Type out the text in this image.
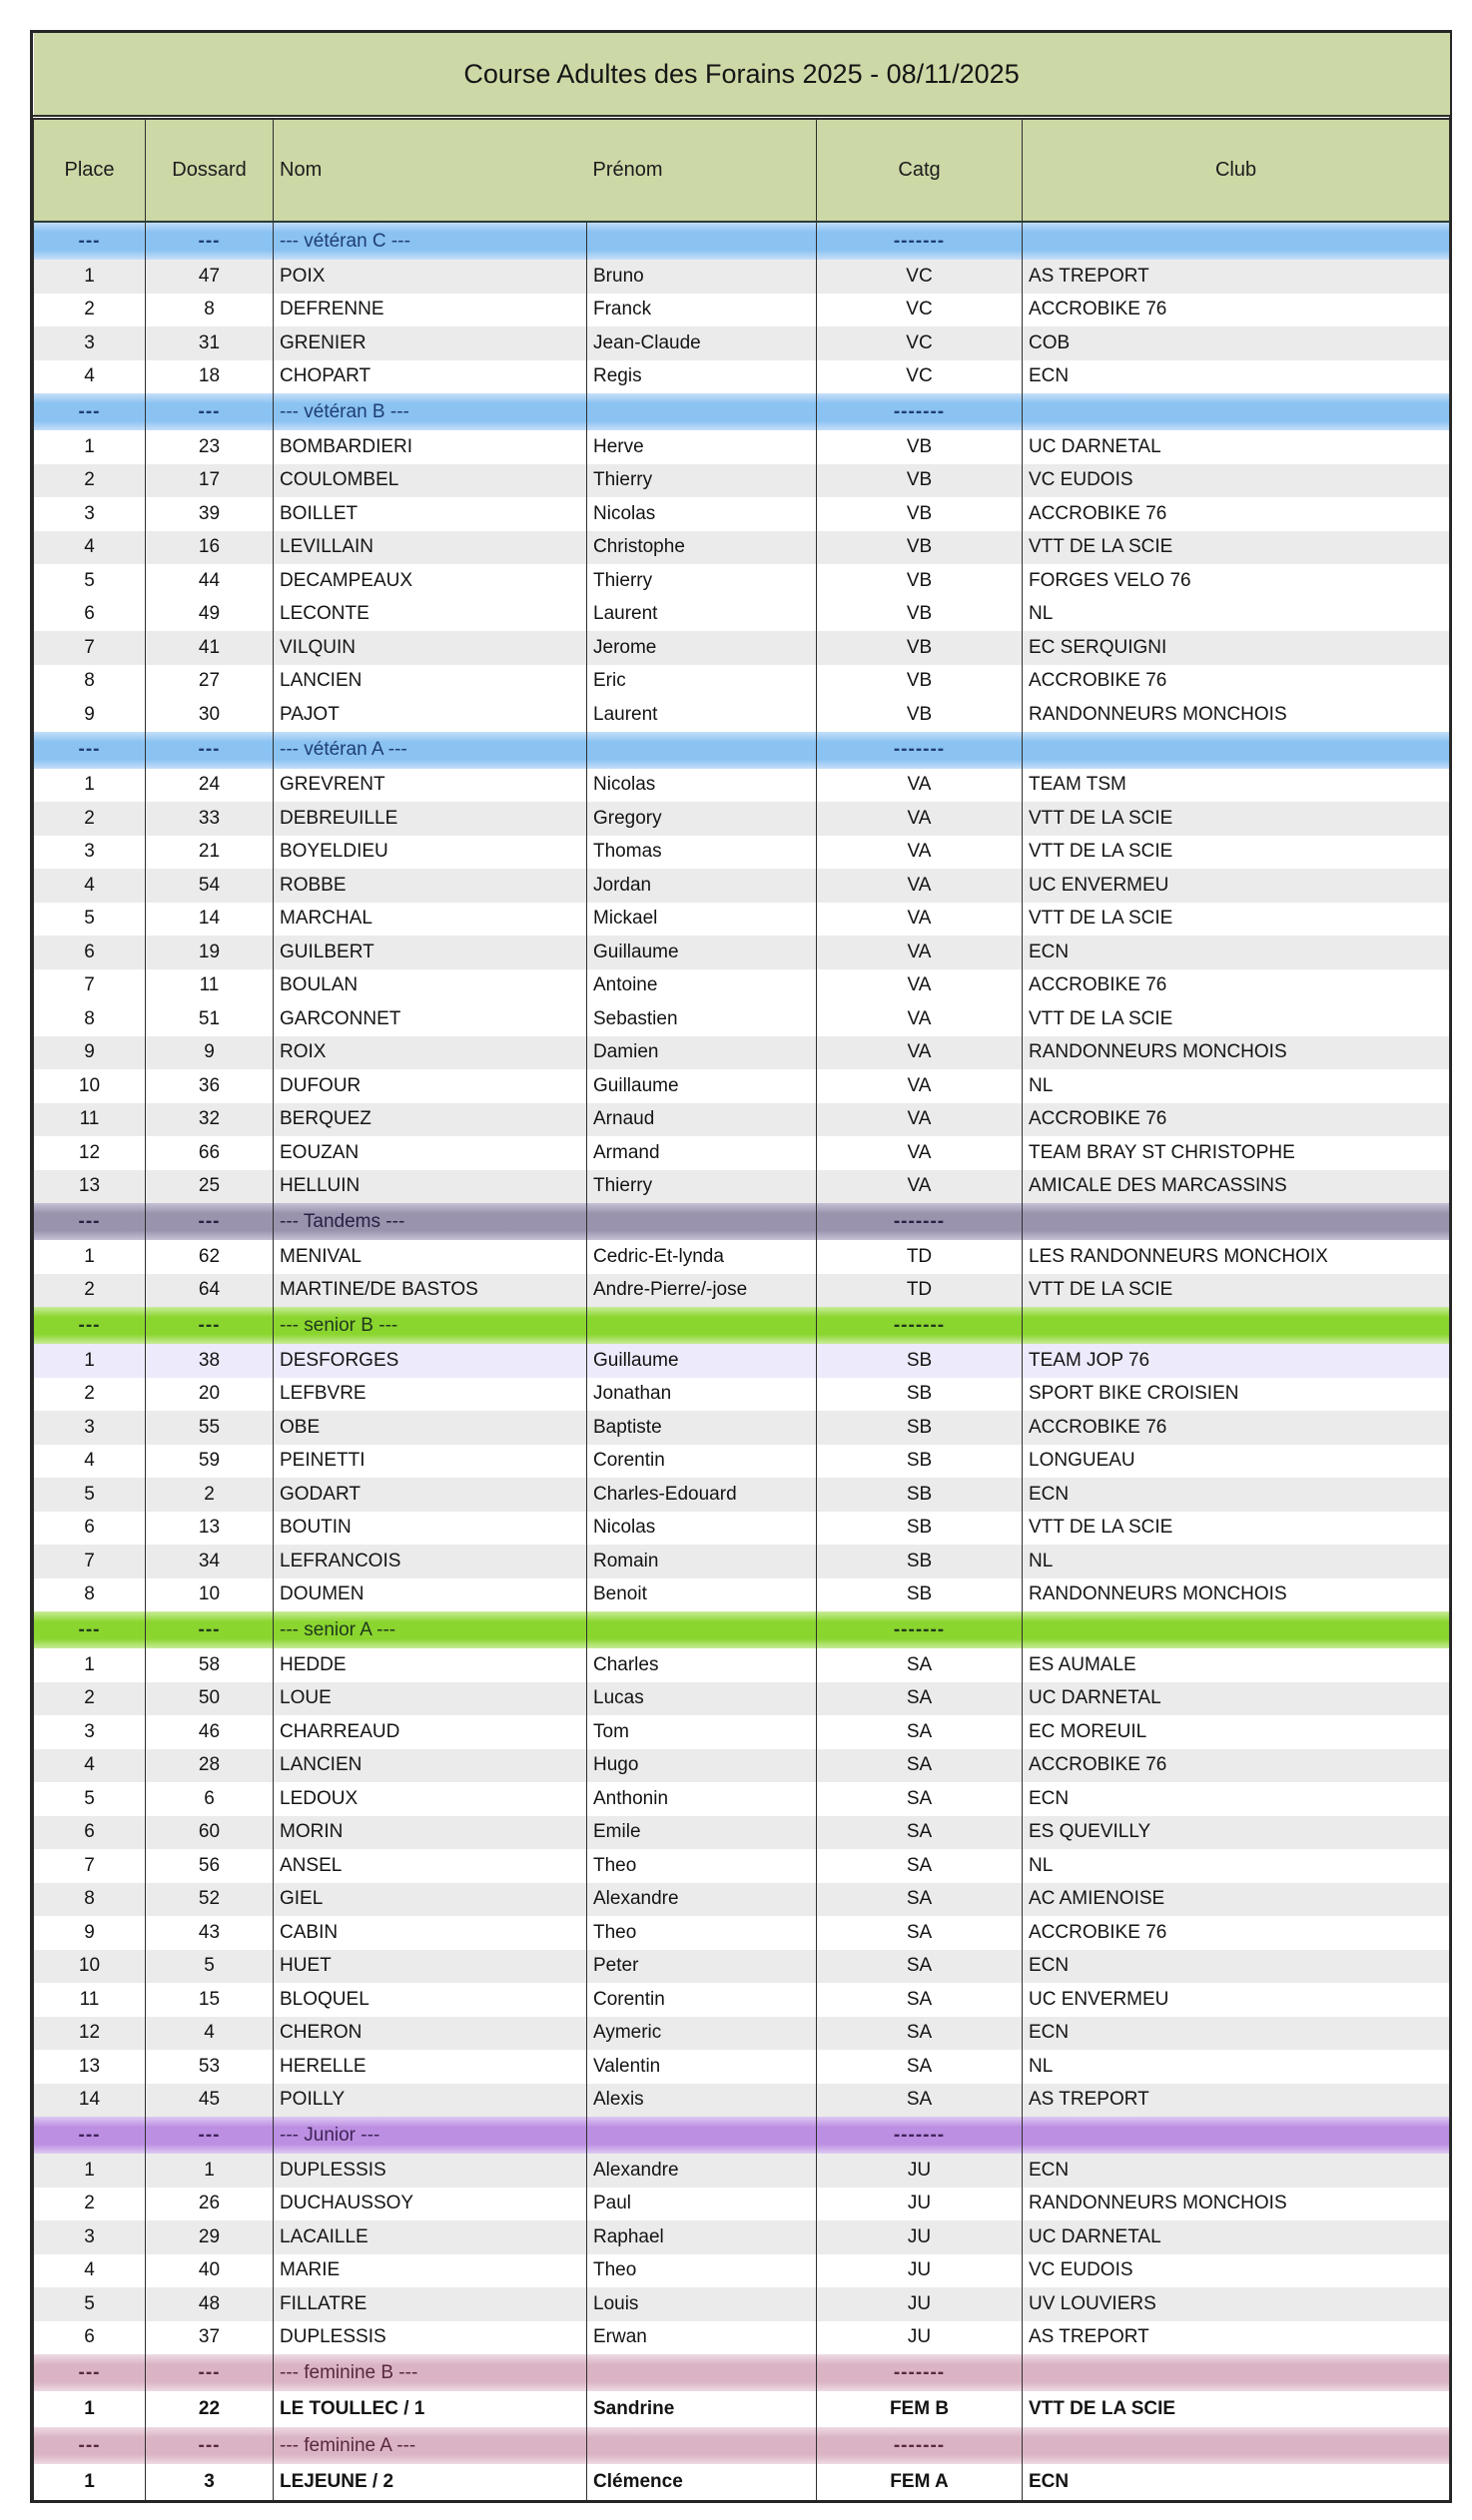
Course Adultes des Forains 2025 - 08/11/2025					
Place	Dossard	Nom	Prénom	Catg	Club
---	---	--- vétéran C ---		-------	
1	47	POIX	Bruno	VC	AS TREPORT
2	8	DEFRENNE	Franck	VC	ACCROBIKE 76
3	31	GRENIER	Jean-Claude	VC	COB
4	18	CHOPART	Regis	VC	ECN
---	---	--- vétéran B ---		-------	
1	23	BOMBARDIERI	Herve	VB	UC DARNETAL
2	17	COULOMBEL	Thierry	VB	VC EUDOIS
3	39	BOILLET	Nicolas	VB	ACCROBIKE 76
4	16	LEVILLAIN	Christophe	VB	VTT DE LA SCIE
5	44	DECAMPEAUX	Thierry	VB	FORGES VELO 76
6	49	LECONTE	Laurent	VB	NL
7	41	VILQUIN	Jerome	VB	EC SERQUIGNI
8	27	LANCIEN	Eric	VB	ACCROBIKE 76
9	30	PAJOT	Laurent	VB	RANDONNEURS MONCHOIS
---	---	--- vétéran A ---		-------	
1	24	GREVRENT	Nicolas	VA	TEAM TSM
2	33	DEBREUILLE	Gregory	VA	VTT DE LA SCIE
3	21	BOYELDIEU	Thomas	VA	VTT DE LA SCIE
4	54	ROBBE	Jordan	VA	UC ENVERMEU
5	14	MARCHAL	Mickael	VA	VTT DE LA SCIE
6	19	GUILBERT	Guillaume	VA	ECN
7	11	BOULAN	Antoine	VA	ACCROBIKE 76
8	51	GARCONNET	Sebastien	VA	VTT DE LA SCIE
9	9	ROIX	Damien	VA	RANDONNEURS MONCHOIS
10	36	DUFOUR	Guillaume	VA	NL
11	32	BERQUEZ	Arnaud	VA	ACCROBIKE 76
12	66	EOUZAN	Armand	VA	TEAM BRAY ST CHRISTOPHE
13	25	HELLUIN	Thierry	VA	AMICALE DES MARCASSINS
---	---	--- Tandems ---		-------	
1	62	MENIVAL	Cedric-Et-lynda	TD	LES RANDONNEURS MONCHOIX
2	64	MARTINE/DE BASTOS	Andre-Pierre/-jose	TD	VTT DE LA SCIE
---	---	--- senior B ---		-------	
1	38	DESFORGES	Guillaume	SB	TEAM JOP 76
2	20	LEFBVRE	Jonathan	SB	SPORT BIKE CROISIEN
3	55	OBE	Baptiste	SB	ACCROBIKE 76
4	59	PEINETTI	Corentin	SB	LONGUEAU
5	2	GODART	Charles-Edouard	SB	ECN
6	13	BOUTIN	Nicolas	SB	VTT DE LA SCIE
7	34	LEFRANCOIS	Romain	SB	NL
8	10	DOUMEN	Benoit	SB	RANDONNEURS MONCHOIS
---	---	--- senior A ---		-------	
1	58	HEDDE	Charles	SA	ES AUMALE
2	50	LOUE	Lucas	SA	UC DARNETAL
3	46	CHARREAUD	Tom	SA	EC MOREUIL
4	28	LANCIEN	Hugo	SA	ACCROBIKE 76
5	6	LEDOUX	Anthonin	SA	ECN
6	60	MORIN	Emile	SA	ES QUEVILLY
7	56	ANSEL	Theo	SA	NL
8	52	GIEL	Alexandre	SA	AC AMIENOISE
9	43	CABIN	Theo	SA	ACCROBIKE 76
10	5	HUET	Peter	SA	ECN
11	15	BLOQUEL	Corentin	SA	UC ENVERMEU
12	4	CHERON	Aymeric	SA	ECN
13	53	HERELLE	Valentin	SA	NL
14	45	POILLY	Alexis	SA	AS TREPORT
---	---	--- Junior ---		-------	
1	1	DUPLESSIS	Alexandre	JU	ECN
2	26	DUCHAUSSOY	Paul	JU	RANDONNEURS MONCHOIS
3	29	LACAILLE	Raphael	JU	UC DARNETAL
4	40	MARIE	Theo	JU	VC EUDOIS
5	48	FILLATRE	Louis	JU	UV LOUVIERS
6	37	DUPLESSIS	Erwan	JU	AS TREPORT
---	---	--- feminine B ---		-------	
1	22	LE TOULLEC / 1	Sandrine	FEM B	VTT DE LA SCIE
---	---	--- feminine A ---		-------	
1	3	LEJEUNE / 2	Clémence	FEM A	ECN
